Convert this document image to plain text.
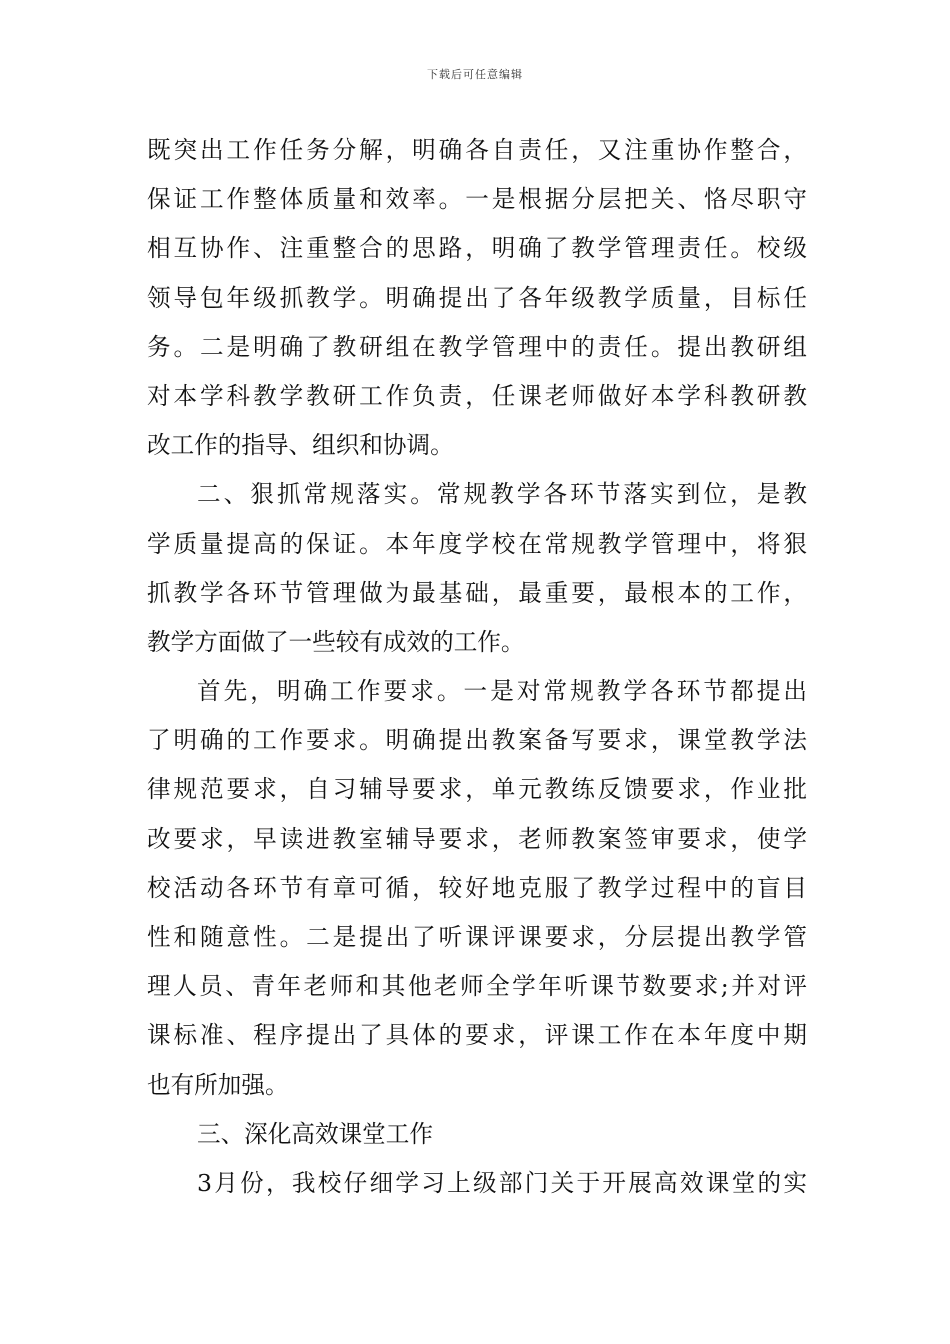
下载后可任意编辑
既突出工作任务分解，明确各自责任，又注重协作整合，
保证工作整体质量和效率。一是根据分层把关、恪尽职守
相互协作、注重整合的思路，明确了教学管理责任。校级
领导包年级抓教学。明确提出了各年级教学质量，目标任
务。二是明确了教研组在教学管理中的责任。提出教研组
对本学科教学教研工作负责，任课老师做好本学科教研教
改工作的指导、组织和协调。
二、狠抓常规落实。常规教学各环节落实到位，是教
学质量提高的保证。本年度学校在常规教学管理中，将狠
抓教学各环节管理做为最基础，最重要，最根本的工作，
教学方面做了一些较有成效的工作。
首先，明确工作要求。一是对常规教学各环节都提出
了明确的工作要求。明确提出教案备写要求，课堂教学法
律规范要求，自习辅导要求，单元教练反馈要求，作业批
改要求，早读进教室辅导要求，老师教案签审要求，使学
校活动各环节有章可循，较好地克服了教学过程中的盲目
性和随意性。二是提出了听课评课要求，分层提出教学管
理人员、青年老师和其他老师全学年听课节数要求;并对评
课标准、程序提出了具体的要求，评课工作在本年度中期
也有所加强。
三、深化高效课堂工作
3月份，我校仔细学习上级部门关于开展高效课堂的实
